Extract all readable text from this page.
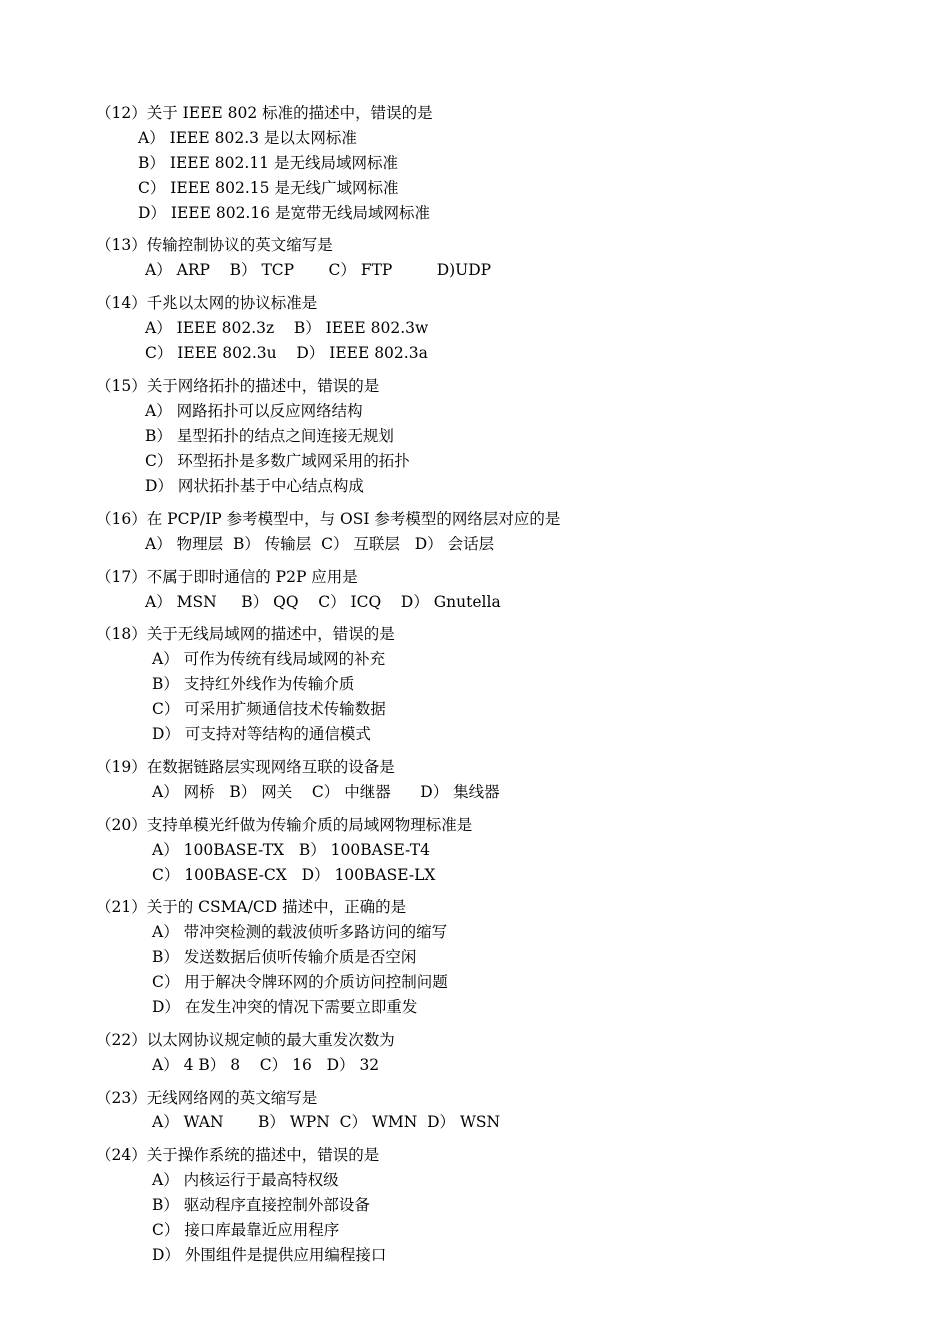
（12）关于 IEEE 802 标准的描述中，错误的是
A） IEEE 802.3 是以太网标准
B） IEEE 802.11 是无线局域网标准
C） IEEE 802.15 是无线广域网标准
D） IEEE 802.16 是宽带无线局域网标准
（13）传输控制协议的英文缩写是
A） ARP    B） TCP       C） FTP         D)UDP
（14）千兆以太网的协议标准是
A） IEEE 802.3z    B） IEEE 802.3w
C） IEEE 802.3u    D） IEEE 802.3a
（15）关于网络拓扑的描述中，错误的是
A） 网路拓扑可以反应网络结构
B） 星型拓扑的结点之间连接无规划
C） 环型拓扑是多数广域网采用的拓扑
D） 网状拓扑基于中心结点构成
（16）在 PCP/IP 参考模型中，与 OSI 参考模型的网络层对应的是
A） 物理层  B） 传输层  C） 互联层   D） 会话层
（17）不属于即时通信的 P2P 应用是
A） MSN     B） QQ    C） ICQ    D） Gnutella
（18）关于无线局域网的描述中，错误的是
A） 可作为传统有线局域网的补充
B） 支持红外线作为传输介质
C） 可采用扩频通信技术传输数据
D） 可支持对等结构的通信模式
（19）在数据链路层实现网络互联的设备是
A） 网桥   B） 网关    C） 中继器      D） 集线器
（20）支持单模光纤做为传输介质的局域网物理标准是
A） 100BASE-TX   B） 100BASE-T4
C） 100BASE-CX   D） 100BASE-LX
（21）关于的 CSMA/CD 描述中，正确的是
A） 带冲突检测的载波侦听多路访问的缩写
B） 发送数据后侦听传输介质是否空闲
C） 用于解决令牌环网的介质访问控制问题
D） 在发生冲突的情况下需要立即重发
（22）以太网协议规定帧的最大重发次数为
A） 4 B） 8    C） 16   D） 32
（23）无线网络网的英文缩写是
A） WAN       B） WPN  C） WMN  D） WSN
（24）关于操作系统的描述中，错误的是
A） 内核运行于最高特权级
B） 驱动程序直接控制外部设备
C） 接口库最靠近应用程序
D） 外围组件是提供应用编程接口
